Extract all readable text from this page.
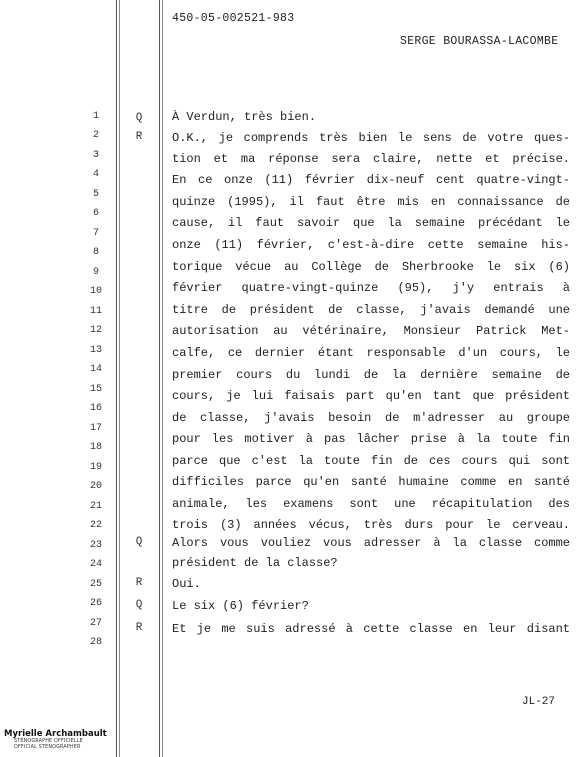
450-05-002521-983
SERGE BOURASSA-LACOMBE
1
2
3
4
5
6
7
8
9
10
11
12
13
14
15
16
17
18
19
20
21
22
23
24
25
26
27
28
Q
R
Q
R
Q
R
À Verdun, très bien.
O.K., je comprends très bien le sens de votre ques-
tion et ma réponse sera claire, nette et précise.
En ce onze (11) février dix-neuf cent quatre-vingt-
quinze (1995), il faut être mis en connaissance de
cause, il faut savoir que la semaine précédant le
onze (11) février, c'est-à-dire cette semaine his-
torique vécue au Collège de Sherbrooke le six (6)
février quatre-vingt-quinze (95), j'y entrais à
titre de président de classe, j'avais demandé une
autorisation au vétérinaire, Monsieur Patrick Met-
calfe, ce dernier étant responsable d'un cours, le
premier cours du lundi de la dernière semaine de
cours, je lui faisais part qu'en tant que président
de classe, j'avais besoin de m'adresser au groupe
pour les motiver à pas lâcher prise à la toute fin
parce que c'est la toute fin de ces cours qui sont
difficiles parce qu'en santé humaine comme en santé
animale, les examens sont une récapitulation des
trois (3) années vécus, très durs pour le cerveau.
Alors vous vouliez vous adresser à la classe comme
président de la classe?
Oui.
Le six (6) février?
Et je me suis adressé à cette classe en leur disant
JL-27
Myrielle Archambault
STÉNOGRAPHE OFFICIELLE
OFFICIAL STENOGRAPHER
